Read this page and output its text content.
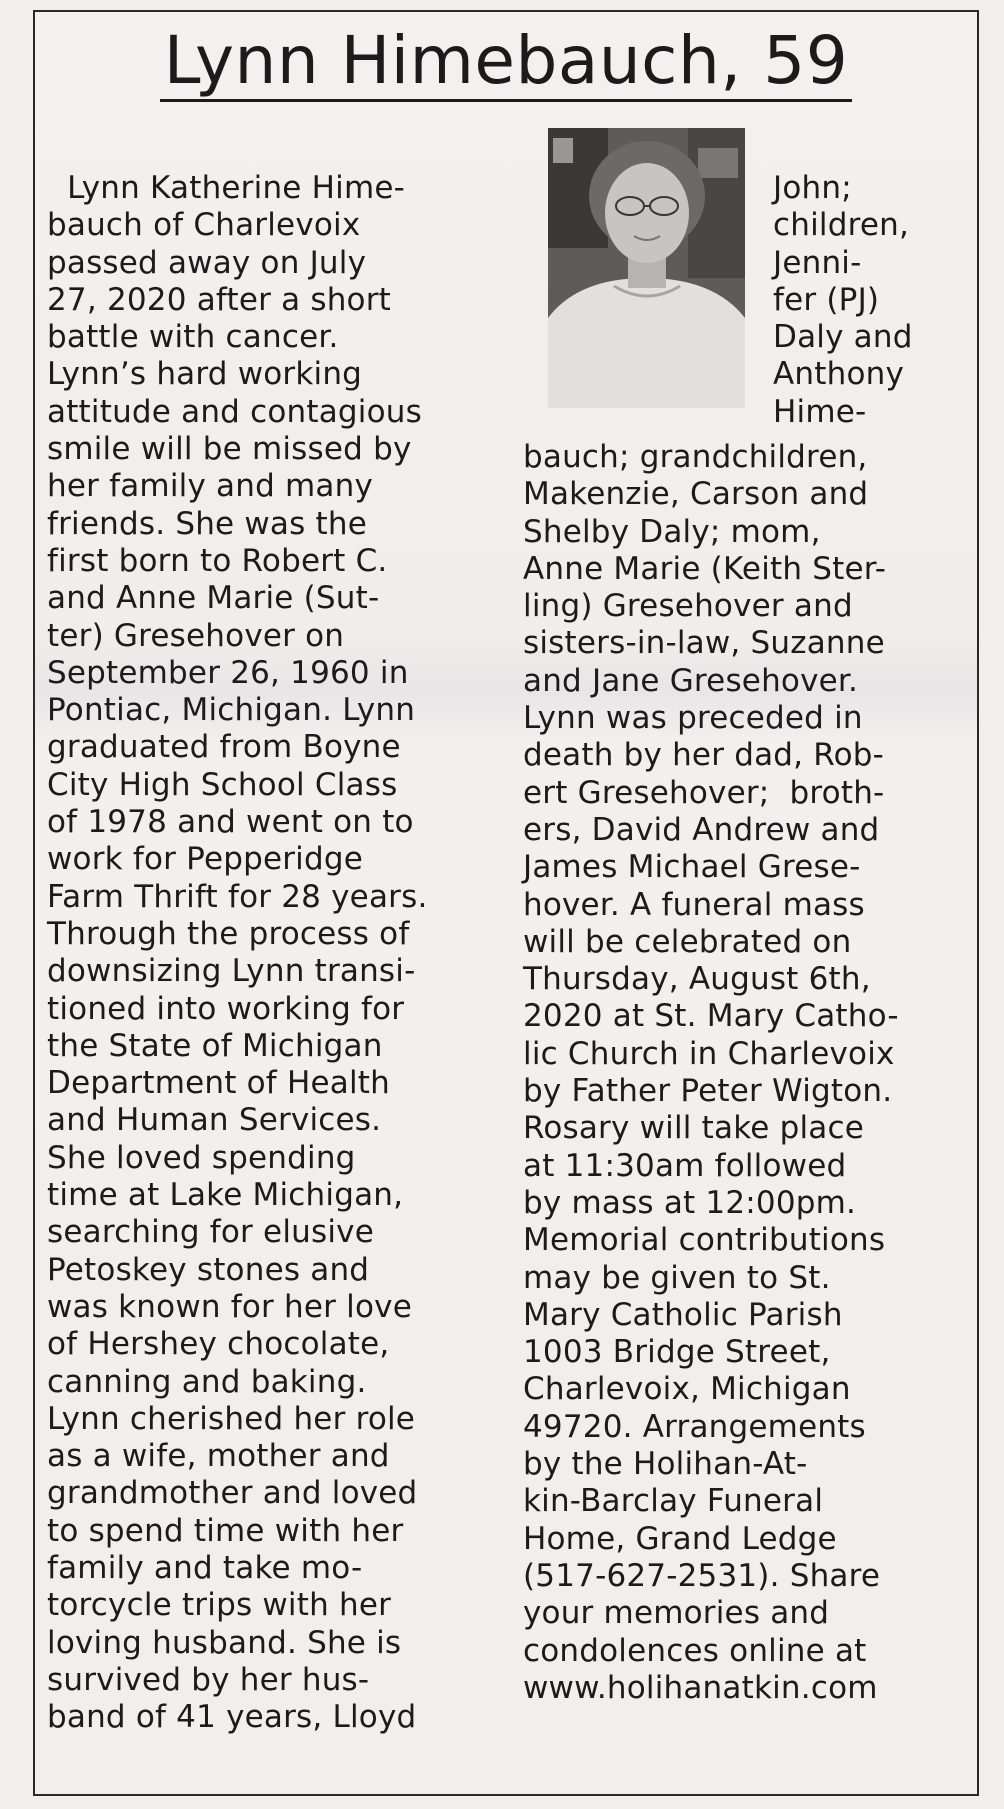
Lynn Himebauch, 59
Lynn Katherine Hime-
bauch of Charlevoix
passed away on July
27, 2020 after a short
battle with cancer.
Lynn’s hard working
attitude and contagious
smile will be missed by
her family and many
friends. She was the
first born to Robert C.
and Anne Marie (Sut-
ter) Gresehover on
September 26, 1960 in
Pontiac, Michigan. Lynn
graduated from Boyne
City High School Class
of 1978 and went on to
work for Pepperidge
Farm Thrift for 28 years.
Through the process of
downsizing Lynn transi-
tioned into working for
the State of Michigan
Department of Health
and Human Services.
She loved spending
time at Lake Michigan,
searching for elusive
Petoskey stones and
was known for her love
of Hershey chocolate,
canning and baking.
Lynn cherished her role
as a wife, mother and
grandmother and loved
to spend time with her
family and take mo-
torcycle trips with her
loving husband. She is
survived by her hus-
band of 41 years, Lloyd
John;
children,
Jenni-
fer (PJ)
Daly and
Anthony
Hime-
bauch; grandchildren,
Makenzie, Carson and
Shelby Daly; mom,
Anne Marie (Keith Ster-
ling) Gresehover and
sisters-in-law, Suzanne
and Jane Gresehover.
Lynn was preceded in
death by her dad, Rob-
ert Gresehover;  broth-
ers, David Andrew and
James Michael Grese-
hover. A funeral mass
will be celebrated on
Thursday, August 6th,
2020 at St. Mary Catho-
lic Church in Charlevoix
by Father Peter Wigton.
Rosary will take place
at 11:30am followed
by mass at 12:00pm.
Memorial contributions
may be given to St.
Mary Catholic Parish
1003 Bridge Street,
Charlevoix, Michigan
49720. Arrangements
by the Holihan-At-
kin-Barclay Funeral
Home, Grand Ledge
(517-627-2531). Share
your memories and
condolences online at
www.holihanatkin.com
